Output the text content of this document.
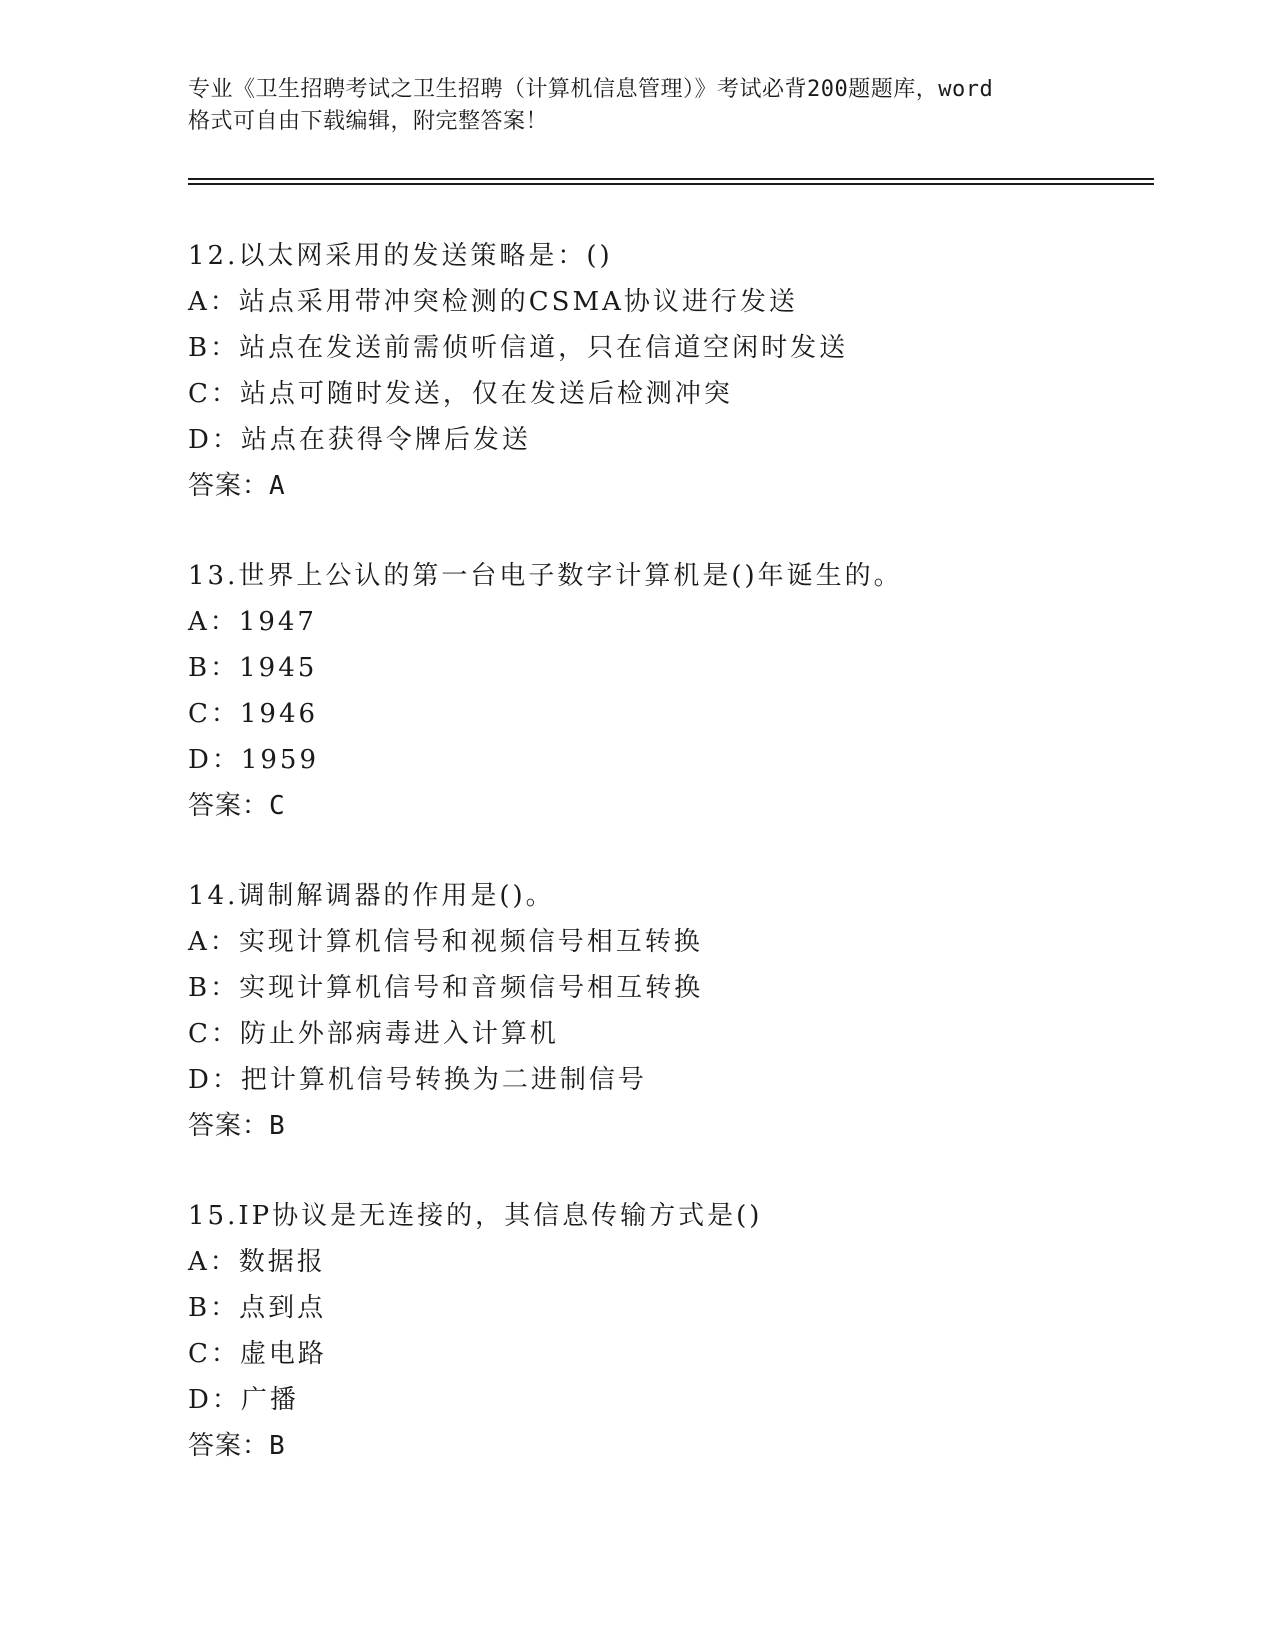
专业《卫生招聘考试之卫生招聘（计算机信息管理）》考试必背200题题库，word
格式可自由下载编辑，附完整答案！
12.以太网采用的发送策略是：()
A：站点采用带冲突检测的CSMA协议进行发送
B：站点在发送前需侦听信道，只在信道空闲时发送
C：站点可随时发送，仅在发送后检测冲突
D：站点在获得令牌后发送
答案：A
13.世界上公认的第一台电子数字计算机是()年诞生的。
A：1947
B：1945
C：1946
D：1959
答案：C
14.调制解调器的作用是()。
A：实现计算机信号和视频信号相互转换
B：实现计算机信号和音频信号相互转换
C：防止外部病毒进入计算机
D：把计算机信号转换为二进制信号
答案：B
15.IP协议是无连接的，其信息传输方式是()
A：数据报
B：点到点
C：虚电路
D：广播
答案：B
